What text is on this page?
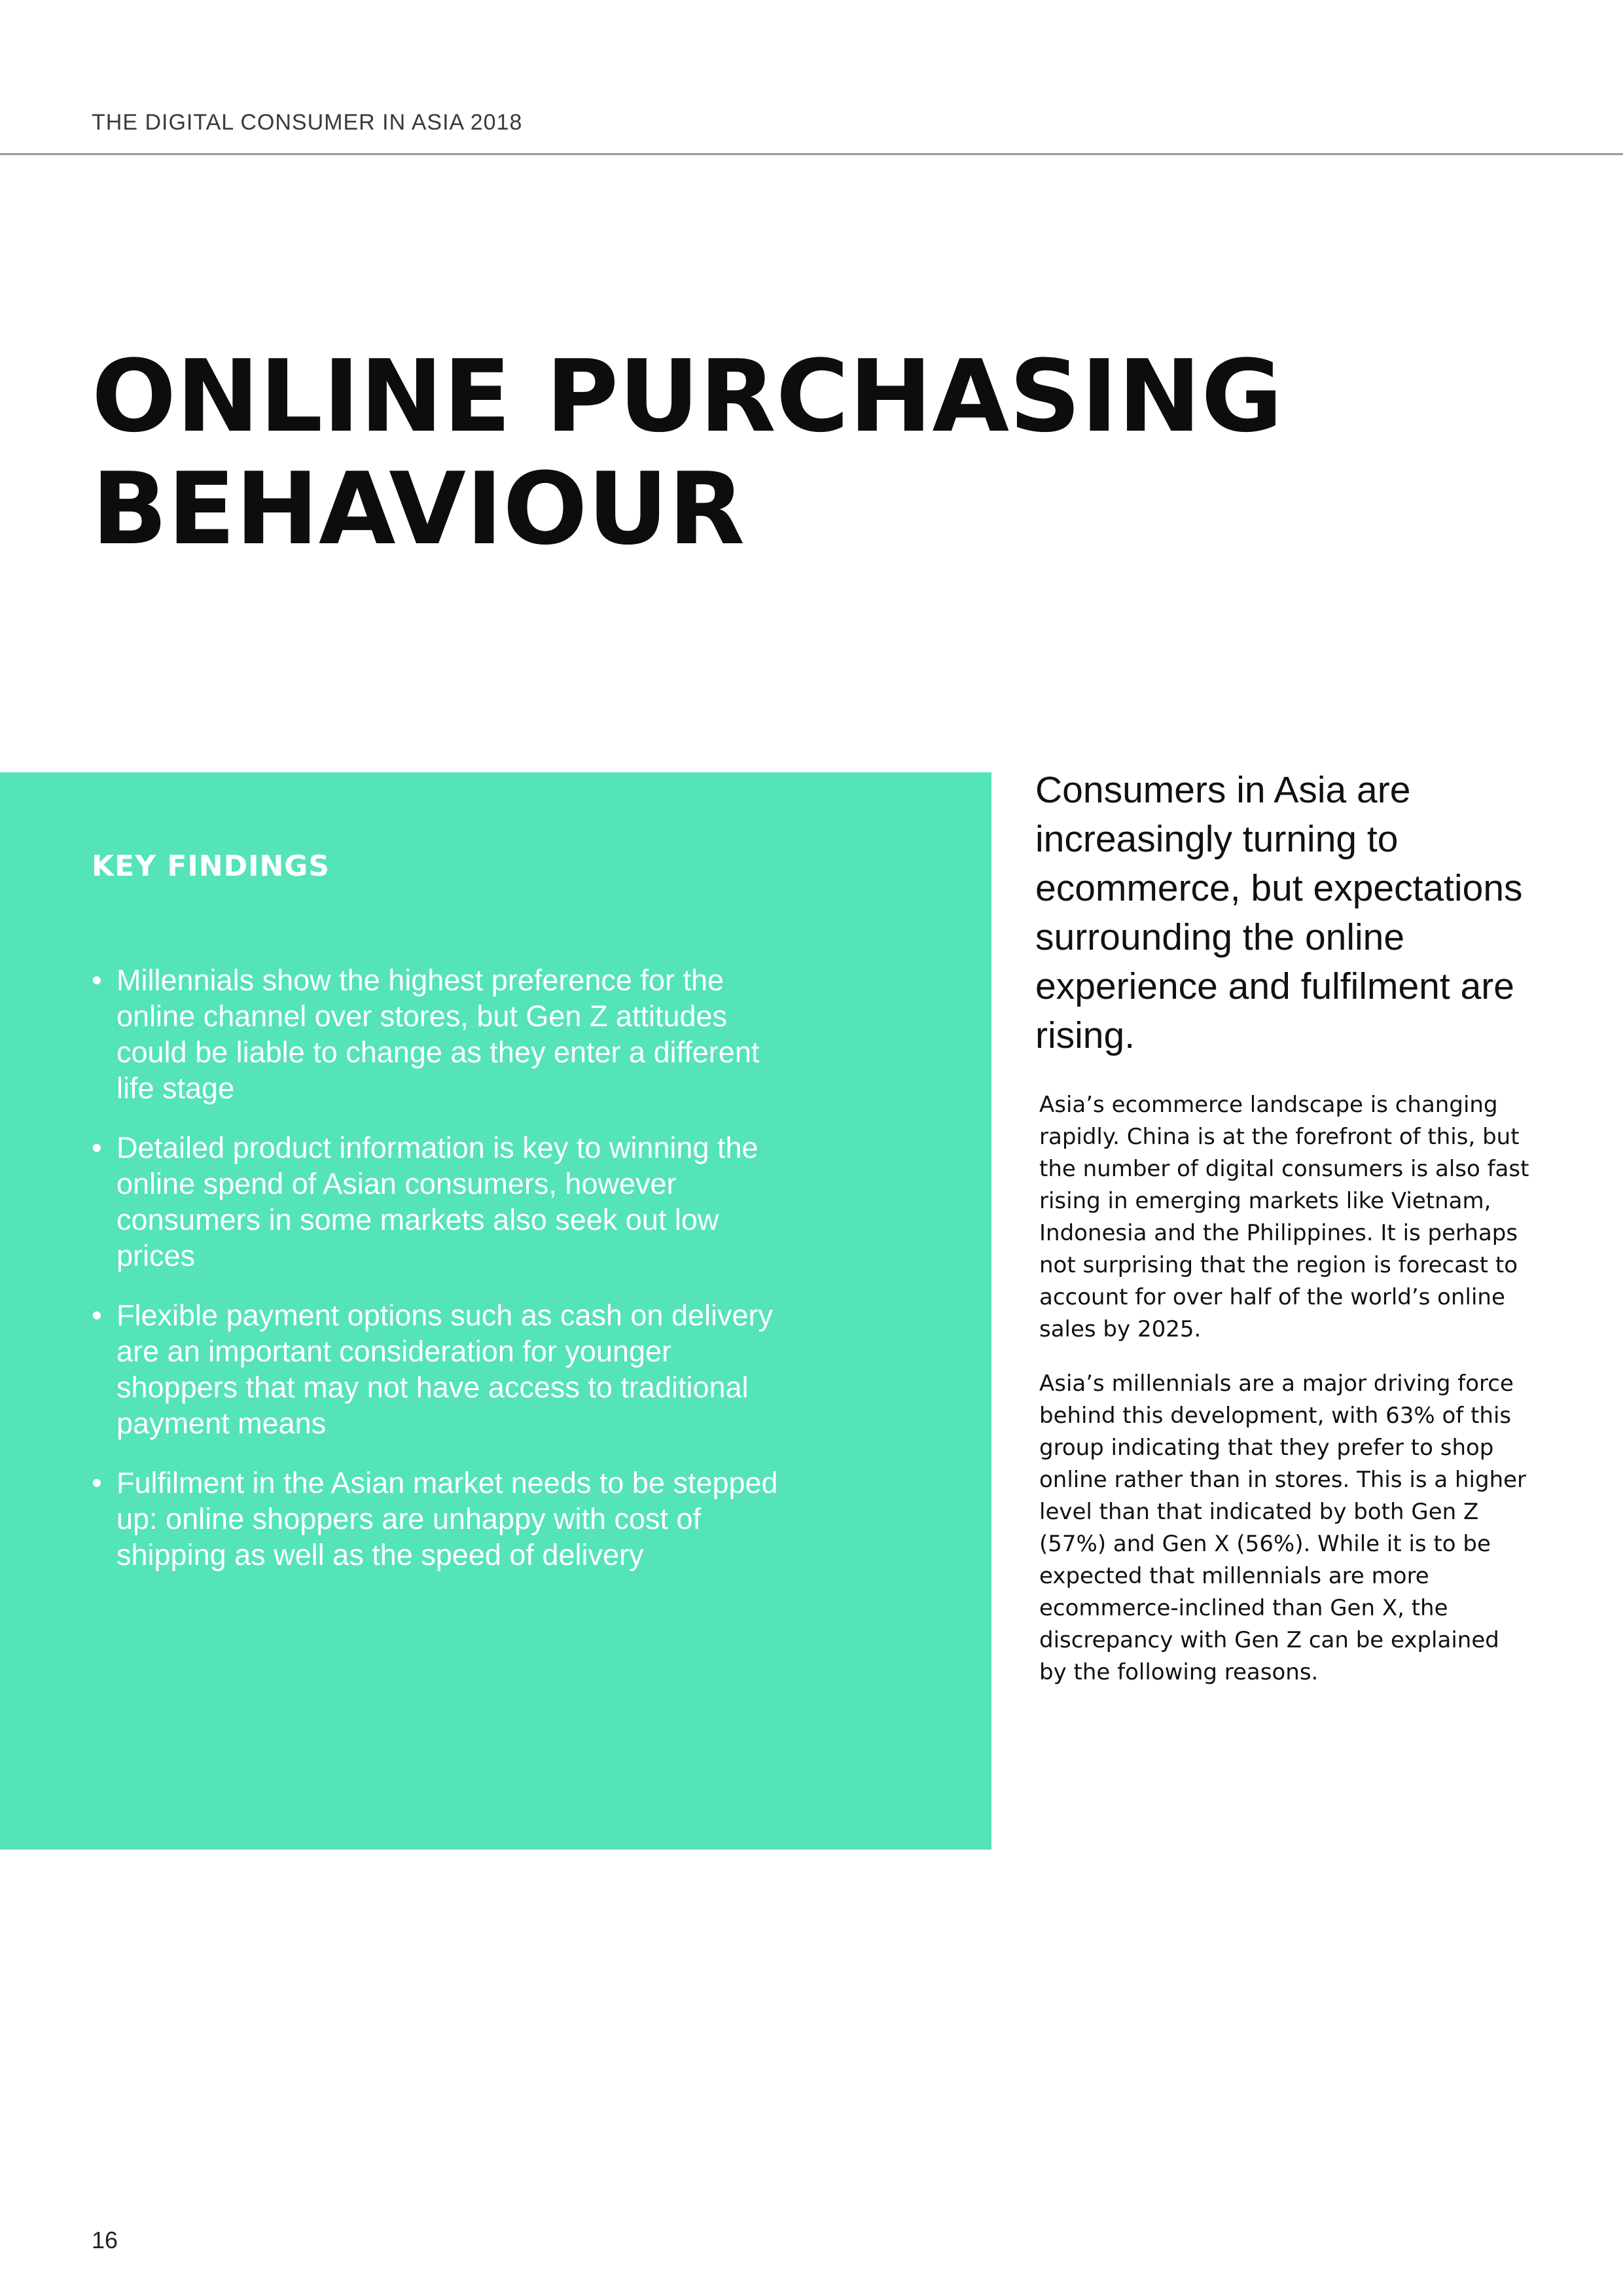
THE DIGITAL CONSUMER IN ASIA 2018
ONLINE PURCHASING
BEHAVIOUR
KEY FINDINGS
• Millennials show the highest preference for the online channel over stores, but Gen Z attitudes could be liable to change as they enter a different life stage
• Detailed product information is key to winning the online spend of Asian consumers, however consumers in some markets also seek out low prices
• Flexible payment options such as cash on delivery are an important consideration for younger shoppers that may not have access to traditional payment means
• Fulfilment in the Asian market needs to be stepped up: online shoppers are unhappy with cost of shipping as well as the speed of delivery

Consumers in Asia are increasingly turning to ecommerce, but expectations surrounding the online experience and fulfilment are rising.

Asia’s ecommerce landscape is changing rapidly. China is at the forefront of this, but the number of digital consumers is also fast rising in emerging markets like Vietnam, Indonesia and the Philippines. It is perhaps not surprising that the region is forecast to account for over half of the world’s online sales by 2025.

Asia’s millennials are a major driving force behind this development, with 63% of this group indicating that they prefer to shop online rather than in stores. This is a higher level than that indicated by both Gen Z (57%) and Gen X (56%). While it is to be expected that millennials are more ecommerce-inclined than Gen X, the discrepancy with Gen Z can be explained by the following reasons.

16
